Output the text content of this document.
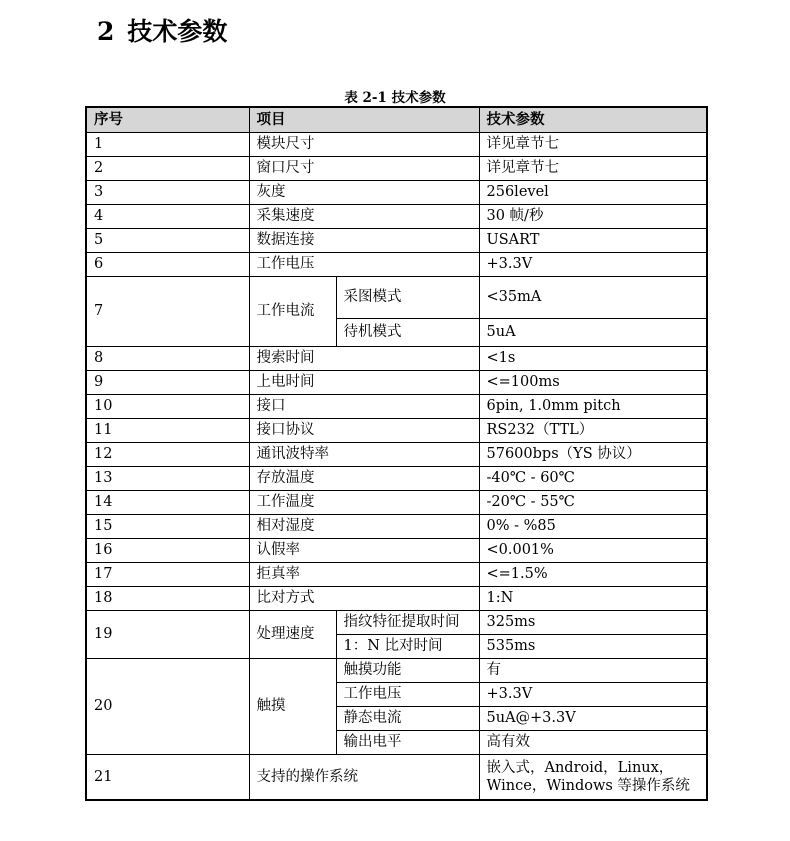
2 技术参数
表 2-1 技术参数
序号	项目		技术参数
1	模块尺寸		详见章节七
2	窗口尺寸		详见章节七
3	灰度		256level
4	采集速度		30 帧/秒
5	数据连接		USART
6	工作电压		+3.3V
7	工作电流	采图模式	<35mA
		待机模式	5uA
8	搜索时间		<1s
9	上电时间		<=100ms
10	接口		6pin, 1.0mm pitch
11	接口协议		RS232（TTL）
12	通讯波特率		57600bps（YS 协议）
13	存放温度		-40℃ - 60℃
14	工作温度		-20℃ - 55℃
15	相对湿度		0% - %85
16	认假率		<0.001%
17	拒真率		<=1.5%
18	比对方式		1:N
19	处理速度	指纹特征提取时间	325ms
		1：N 比对时间	535ms
20	触摸	触摸功能	有
		工作电压	+3.3V
		静态电流	5uA@+3.3V
		输出电平	高有效
21	支持的操作系统		嵌入式，Android，Linux，Wince，Windows 等操作系统
